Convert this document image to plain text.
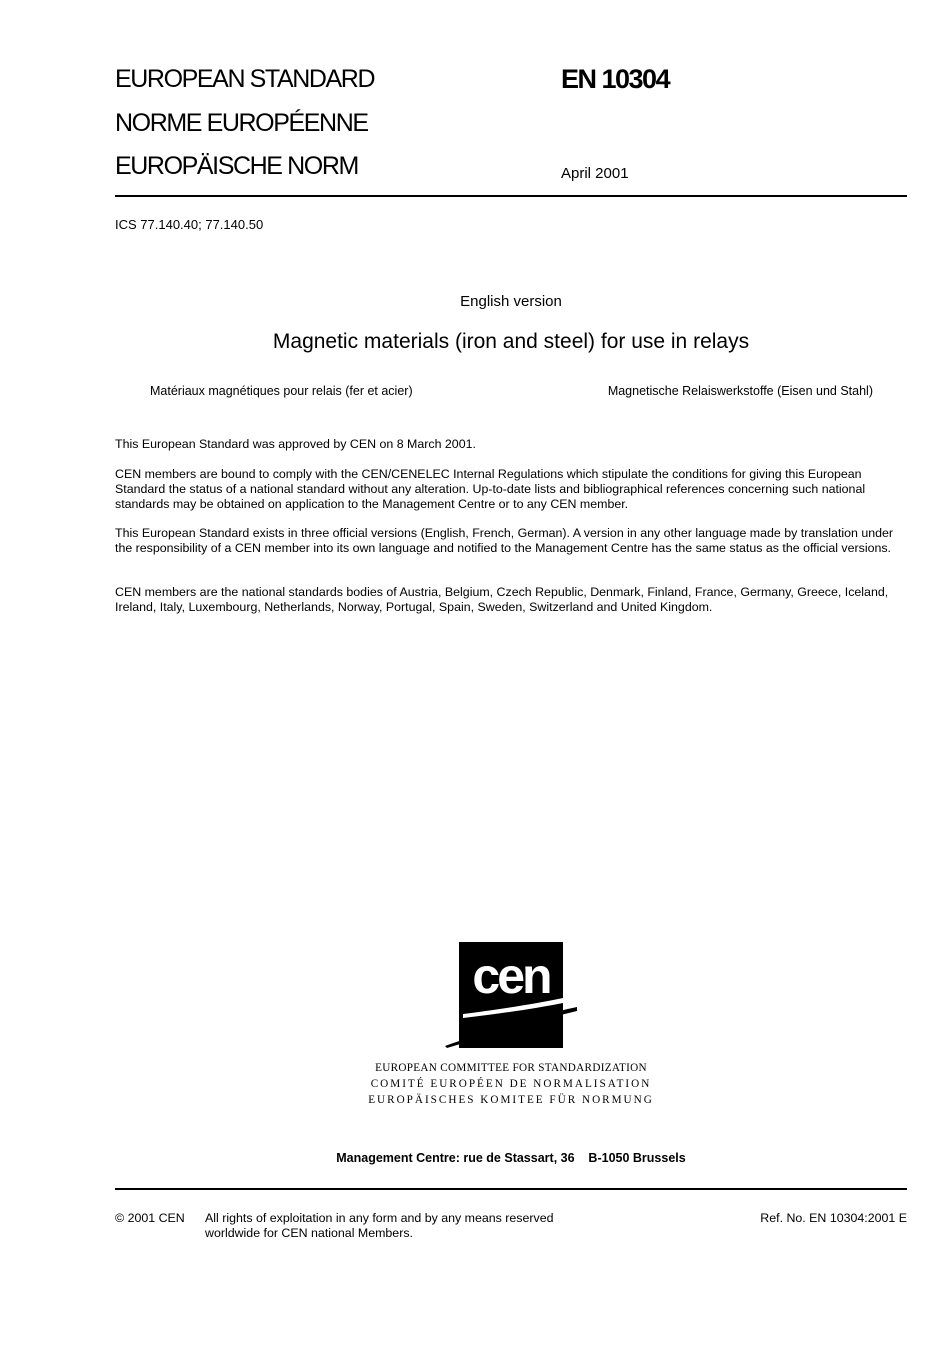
EUROPEAN STANDARD
NORME EUROPÉENNE
EUROPÄISCHE NORM
EN 10304
April 2001
ICS 77.140.40; 77.140.50
English version
Magnetic materials (iron and steel) for use in relays
Matériaux magnétiques pour relais (fer et acier)	Magnetische Relaiswerkstoffe (Eisen und Stahl)

This European Standard was approved by CEN on 8 March 2001.

CEN members are bound to comply with the CEN/CENELEC Internal Regulations which stipulate the conditions for giving this European Standard the status of a national standard without any alteration. Up-to-date lists and bibliographical references concerning such national standards may be obtained on application to the Management Centre or to any CEN member.

This European Standard exists in three official versions (English, French, German). A version in any other language made by translation under the responsibility of a CEN member into its own language and notified to the Management Centre has the same status as the official versions.

CEN members are the national standards bodies of Austria, Belgium, Czech Republic, Denmark, Finland, France, Germany, Greece, Iceland, Ireland, Italy, Luxembourg, Netherlands, Norway, Portugal, Spain, Sweden, Switzerland and United Kingdom.

cen
EUROPEAN COMMITTEE FOR STANDARDIZATION
COMITÉ EUROPÉEN DE NORMALISATION
EUROPÄISCHES KOMITEE FÜR NORMUNG
Management Centre: rue de Stassart, 36    B-1050 Brussels
© 2001 CEN All rights of exploitation in any form and by any means reserved
worldwide for CEN national Members.
Ref. No. EN 10304:2001 E
